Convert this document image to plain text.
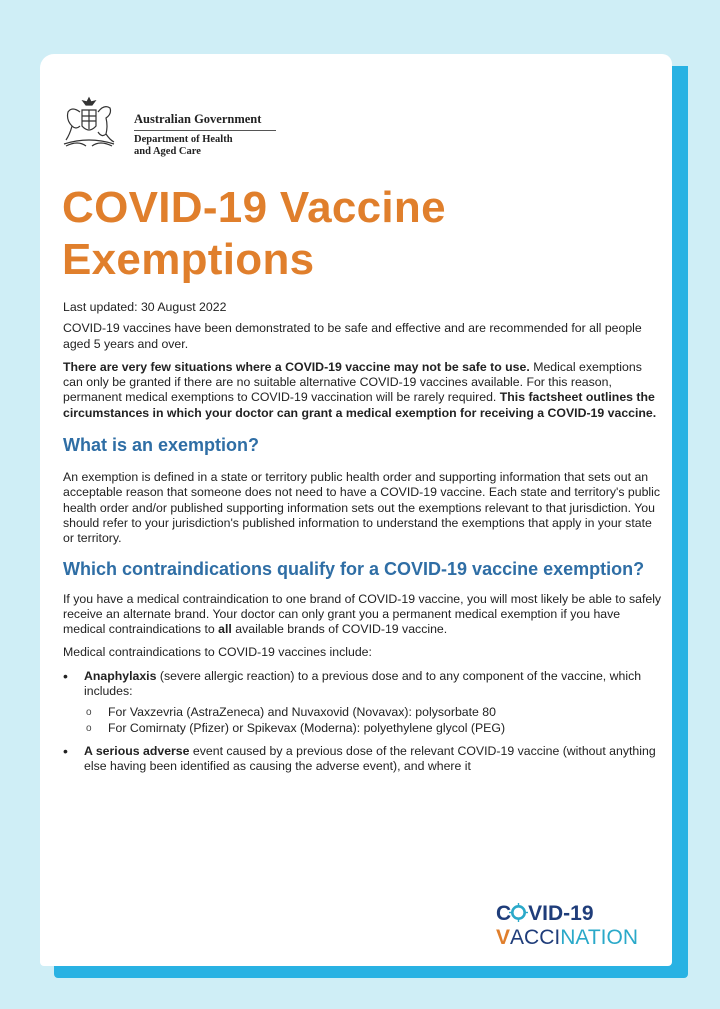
Australian Government
Department of Health
and Aged Care
COVID-19 Vaccine
Exemptions

Last updated: 30 August 2022

COVID-19 vaccines have been demonstrated to be safe and effective and are recommended for all people aged 5 years and over.

There are very few situations where a COVID-19 vaccine may not be safe to use. Medical exemptions can only be granted if there are no suitable alternative COVID-19 vaccines available. For this reason, permanent medical exemptions to COVID-19 vaccination will be rarely required. This factsheet outlines the circumstances in which your doctor can grant a medical exemption for receiving a COVID-19 vaccine.

What is an exemption?

An exemption is defined in a state or territory public health order and supporting information that sets out an acceptable reason that someone does not need to have a COVID-19 vaccine. Each state and territory's public health order and/or published supporting information sets out the exemptions relevant to that jurisdiction. You should refer to your jurisdiction's published information to understand the exemptions that apply in your state or territory.

Which contraindications qualify for a COVID-19 vaccine exemption?

If you have a medical contraindication to one brand of COVID-19 vaccine, you will most likely be able to safely receive an alternate brand. Your doctor can only grant you a permanent medical exemption if you have medical contraindications to all available brands of COVID-19 vaccine.

Medical contraindications to COVID-19 vaccines include:

• Anaphylaxis (severe allergic reaction) to a previous dose and to any component of the vaccine, which includes:
o For Vaxzevria (AstraZeneca) and Nuvaxovid (Novavax): polysorbate 80
o For Comirnaty (Pfizer) or Spikevax (Moderna): polyethylene glycol (PEG)
• A serious adverse event caused by a previous dose of the relevant COVID-19 vaccine (without anything else having been identified as causing the adverse event), and where it
C VID-19
VACCINATION
